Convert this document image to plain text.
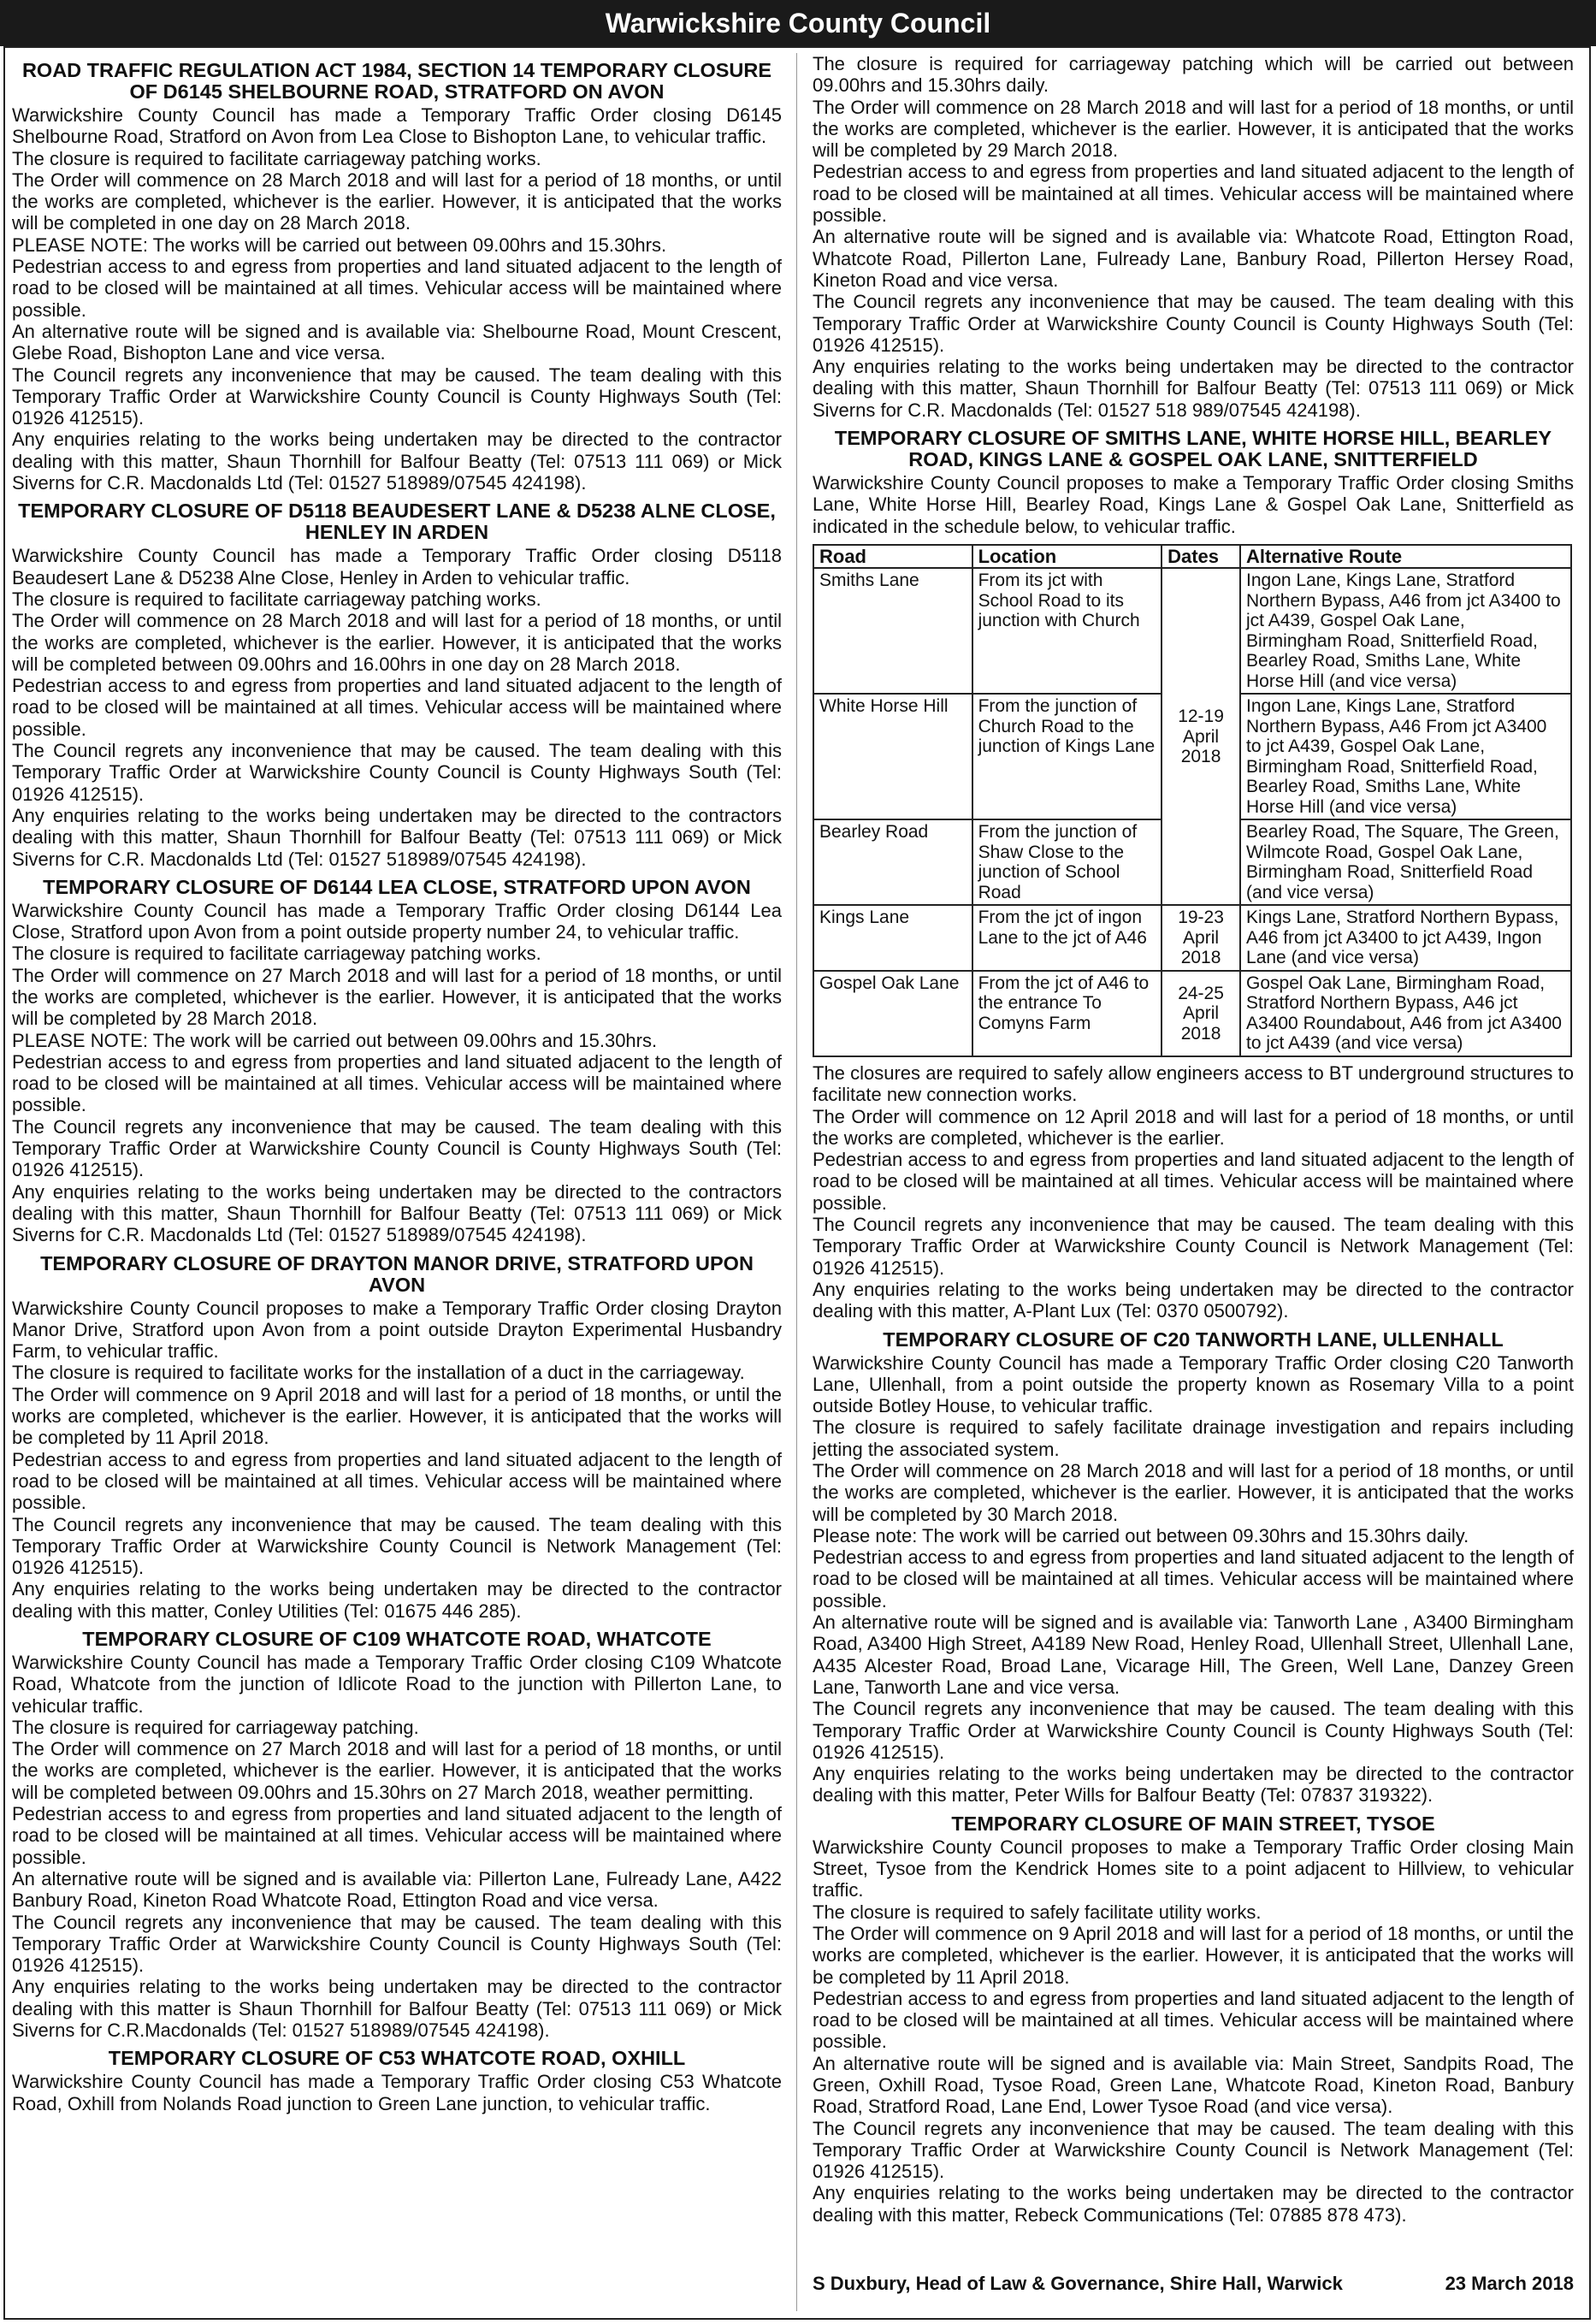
Warwickshire County Council
ROAD TRAFFIC REGULATION ACT 1984, SECTION 14 TEMPORARY CLOSURE OF D6145 SHELBOURNE ROAD, STRATFORD ON AVON

Warwickshire County Council has made a Temporary Traffic Order closing D6145 Shelbourne Road, Stratford on Avon from Lea Close to Bishopton Lane, to vehicular traffic.

The closure is required to facilitate carriageway patching works.

The Order will commence on 28 March 2018 and will last for a period of 18 months, or until the works are completed, whichever is the earlier. However, it is anticipated that the works will be completed in one day on 28 March 2018.

PLEASE NOTE: The works will be carried out between 09.00hrs and 15.30hrs.

Pedestrian access to and egress from properties and land situated adjacent to the length of road to be closed will be maintained at all times. Vehicular access will be maintained where possible.

An alternative route will be signed and is available via: Shelbourne Road, Mount Crescent, Glebe Road, Bishopton Lane and vice versa.

The Council regrets any inconvenience that may be caused. The team dealing with this Temporary Traffic Order at Warwickshire County Council is County Highways South (Tel: 01926 412515).

Any enquiries relating to the works being undertaken may be directed to the contractor dealing with this matter, Shaun Thornhill for Balfour Beatty (Tel: 07513 111 069) or Mick Siverns for C.R. Macdonalds Ltd (Tel: 01527 518989/07545 424198).

TEMPORARY CLOSURE OF D5118 BEAUDESERT LANE & D5238 ALNE CLOSE, HENLEY IN ARDEN

Warwickshire County Council has made a Temporary Traffic Order closing D5118 Beaudesert Lane & D5238 Alne Close, Henley in Arden to vehicular traffic.

The closure is required to facilitate carriageway patching works.

The Order will commence on 28 March 2018 and will last for a period of 18 months, or until the works are completed, whichever is the earlier. However, it is anticipated that the works will be completed between 09.00hrs and 16.00hrs in one day on 28 March 2018.

Pedestrian access to and egress from properties and land situated adjacent to the length of road to be closed will be maintained at all times. Vehicular access will be maintained where possible.

The Council regrets any inconvenience that may be caused. The team dealing with this Temporary Traffic Order at Warwickshire County Council is County Highways South (Tel: 01926 412515).

Any enquiries relating to the works being undertaken may be directed to the contractors dealing with this matter, Shaun Thornhill for Balfour Beatty (Tel: 07513 111 069) or Mick Siverns for C.R. Macdonalds Ltd (Tel: 01527 518989/07545 424198).

TEMPORARY CLOSURE OF D6144 LEA CLOSE, STRATFORD UPON AVON

Warwickshire County Council has made a Temporary Traffic Order closing D6144 Lea Close, Stratford upon Avon from a point outside property number 24, to vehicular traffic.

The closure is required to facilitate carriageway patching works.

The Order will commence on 27 March 2018 and will last for a period of 18 months, or until the works are completed, whichever is the earlier. However, it is anticipated that the works will be completed by 28 March 2018.

PLEASE NOTE: The work will be carried out between 09.00hrs and 15.30hrs.

Pedestrian access to and egress from properties and land situated adjacent to the length of road to be closed will be maintained at all times. Vehicular access will be maintained where possible.

The Council regrets any inconvenience that may be caused. The team dealing with this Temporary Traffic Order at Warwickshire County Council is County Highways South (Tel: 01926 412515).

Any enquiries relating to the works being undertaken may be directed to the contractors dealing with this matter, Shaun Thornhill for Balfour Beatty (Tel: 07513 111 069) or Mick Siverns for C.R. Macdonalds Ltd (Tel: 01527 518989/07545 424198).

TEMPORARY CLOSURE OF DRAYTON MANOR DRIVE, STRATFORD UPON AVON

Warwickshire County Council proposes to make a Temporary Traffic Order closing Drayton Manor Drive, Stratford upon Avon from a point outside Drayton Experimental Husbandry Farm, to vehicular traffic.

The closure is required to facilitate works for the installation of a duct in the carriageway.

The Order will commence on 9 April 2018 and will last for a period of 18 months, or until the works are completed, whichever is the earlier. However, it is anticipated that the works will be completed by 11 April 2018.

Pedestrian access to and egress from properties and land situated adjacent to the length of road to be closed will be maintained at all times. Vehicular access will be maintained where possible.

The Council regrets any inconvenience that may be caused. The team dealing with this Temporary Traffic Order at Warwickshire County Council is Network Management (Tel: 01926 412515).

Any enquiries relating to the works being undertaken may be directed to the contractor dealing with this matter, Conley Utilities (Tel: 01675 446 285).

TEMPORARY CLOSURE OF C109 WHATCOTE ROAD, WHATCOTE

Warwickshire County Council has made a Temporary Traffic Order closing C109 Whatcote Road, Whatcote from the junction of Idlicote Road to the junction with Pillerton Lane, to vehicular traffic.

The closure is required for carriageway patching.

The Order will commence on 27 March 2018 and will last for a period of 18 months, or until the works are completed, whichever is the earlier. However, it is anticipated that the works will be completed between 09.00hrs and 15.30hrs on 27 March 2018, weather permitting.

Pedestrian access to and egress from properties and land situated adjacent to the length of road to be closed will be maintained at all times. Vehicular access will be maintained where possible.

An alternative route will be signed and is available via: Pillerton Lane, Fulready Lane, A422 Banbury Road, Kineton Road Whatcote Road, Ettington Road and vice versa.

The Council regrets any inconvenience that may be caused. The team dealing with this Temporary Traffic Order at Warwickshire County Council is County Highways South (Tel: 01926 412515).

Any enquiries relating to the works being undertaken may be directed to the contractor dealing with this matter is Shaun Thornhill for Balfour Beatty (Tel: 07513 111 069) or Mick Siverns for C.R.Macdonalds (Tel: 01527 518989/07545 424198).

TEMPORARY CLOSURE OF C53 WHATCOTE ROAD, OXHILL

Warwickshire County Council has made a Temporary Traffic Order closing C53 Whatcote Road, Oxhill from Nolands Road junction to Green Lane junction, to vehicular traffic.

The closure is required for carriageway patching which will be carried out between 09.00hrs and 15.30hrs daily.

The Order will commence on 28 March 2018 and will last for a period of 18 months, or until the works are completed, whichever is the earlier. However, it is anticipated that the works will be completed by 29 March 2018.

Pedestrian access to and egress from properties and land situated adjacent to the length of road to be closed will be maintained at all times. Vehicular access will be maintained where possible.

An alternative route will be signed and is available via: Whatcote Road, Ettington Road, Whatcote Road, Pillerton Lane, Fulready Lane, Banbury Road, Pillerton Hersey Road, Kineton Road and vice versa.

The Council regrets any inconvenience that may be caused. The team dealing with this Temporary Traffic Order at Warwickshire County Council is County Highways South (Tel: 01926 412515).

Any enquiries relating to the works being undertaken may be directed to the contractor dealing with this matter, Shaun Thornhill for Balfour Beatty (Tel: 07513 111 069) or Mick Siverns for C.R. Macdonalds (Tel: 01527 518 989/07545 424198).

TEMPORARY CLOSURE OF SMITHS LANE, WHITE HORSE HILL, BEARLEY ROAD, KINGS LANE & GOSPEL OAK LANE, SNITTERFIELD

Warwickshire County Council proposes to make a Temporary Traffic Order closing Smiths Lane, White Horse Hill, Bearley Road, Kings Lane & Gospel Oak Lane, Snitterfield as indicated in the schedule below, to vehicular traffic.

Road	Location	Dates	Alternative Route
Smiths Lane	From its jct with School Road to its junction with Church	12-19 April 2018	Ingon Lane, Kings Lane, Stratford Northern Bypass, A46 from jct A3400 to jct A439, Gospel Oak Lane, Birmingham Road, Snitterfield Road, Bearley Road, Smiths Lane, White Horse Hill (and vice versa)
White Horse Hill	From the junction of Church Road to the junction of Kings Lane		Ingon Lane, Kings Lane, Stratford Northern Bypass, A46 From jct A3400 to jct A439, Gospel Oak Lane, Birmingham Road, Snitterfield Road, Bearley Road, Smiths Lane, White Horse Hill (and vice versa)
Bearley Road	From the junction of Shaw Close to the junction of School Road		Bearley Road, The Square, The Green, Wilmcote Road, Gospel Oak Lane, Birmingham Road, Snitterfield Road (and vice versa)
Kings Lane	From the jct of ingon Lane to the jct of A46	19-23 April 2018	Kings Lane, Stratford Northern Bypass, A46 from jct A3400 to jct A439, Ingon Lane (and vice versa)
Gospel Oak Lane	From the jct of A46 to the entrance To Comyns Farm	24-25 April 2018	Gospel Oak Lane, Birmingham Road, Stratford Northern Bypass, A46 jct A3400 Roundabout, A46 from jct A3400 to jct A439 (and vice versa)

The closures are required to safely allow engineers access to BT underground structures to facilitate new connection works.

The Order will commence on 12 April 2018 and will last for a period of 18 months, or until the works are completed, whichever is the earlier.

Pedestrian access to and egress from properties and land situated adjacent to the length of road to be closed will be maintained at all times. Vehicular access will be maintained where possible.

The Council regrets any inconvenience that may be caused. The team dealing with this Temporary Traffic Order at Warwickshire County Council is Network Management (Tel: 01926 412515).

Any enquiries relating to the works being undertaken may be directed to the contractor dealing with this matter, A-Plant Lux (Tel: 0370 0500792).

TEMPORARY CLOSURE OF C20 TANWORTH LANE, ULLENHALL

Warwickshire County Council has made a Temporary Traffic Order closing C20 Tanworth Lane, Ullenhall, from a point outside the property known as Rosemary Villa to a point outside Botley House, to vehicular traffic.

The closure is required to safely facilitate drainage investigation and repairs including jetting the associated system.

The Order will commence on 28 March 2018 and will last for a period of 18 months, or until the works are completed, whichever is the earlier. However, it is anticipated that the works will be completed by 30 March 2018.

Please note: The work will be carried out between 09.30hrs and 15.30hrs daily.

Pedestrian access to and egress from properties and land situated adjacent to the length of road to be closed will be maintained at all times. Vehicular access will be maintained where possible.

An alternative route will be signed and is available via: Tanworth Lane , A3400 Birmingham Road, A3400 High Street, A4189 New Road, Henley Road, Ullenhall Street, Ullenhall Lane, A435 Alcester Road, Broad Lane, Vicarage Hill, The Green, Well Lane, Danzey Green Lane, Tanworth Lane and vice versa.

The Council regrets any inconvenience that may be caused. The team dealing with this Temporary Traffic Order at Warwickshire County Council is County Highways South (Tel: 01926 412515).

Any enquiries relating to the works being undertaken may be directed to the contractor dealing with this matter, Peter Wills for Balfour Beatty (Tel: 07837 319322).

TEMPORARY CLOSURE OF MAIN STREET, TYSOE

Warwickshire County Council proposes to make a Temporary Traffic Order closing Main Street, Tysoe from the Kendrick Homes site to a point adjacent to Hillview, to vehicular traffic.

The closure is required to safely facilitate utility works.

The Order will commence on 9 April 2018 and will last for a period of 18 months, or until the works are completed, whichever is the earlier. However, it is anticipated that the works will be completed by 11 April 2018.

Pedestrian access to and egress from properties and land situated adjacent to the length of road to be closed will be maintained at all times. Vehicular access will be maintained where possible.

An alternative route will be signed and is available via: Main Street, Sandpits Road, The Green, Oxhill Road, Tysoe Road, Green Lane, Whatcote Road, Kineton Road, Banbury Road, Stratford Road, Lane End, Lower Tysoe Road (and vice versa).

The Council regrets any inconvenience that may be caused. The team dealing with this Temporary Traffic Order at Warwickshire County Council is Network Management (Tel: 01926 412515).

Any enquiries relating to the works being undertaken may be directed to the contractor dealing with this matter, Rebeck Communications (Tel: 07885 878 473).

S Duxbury, Head of Law & Governance, Shire Hall, Warwick	23 March 2018
